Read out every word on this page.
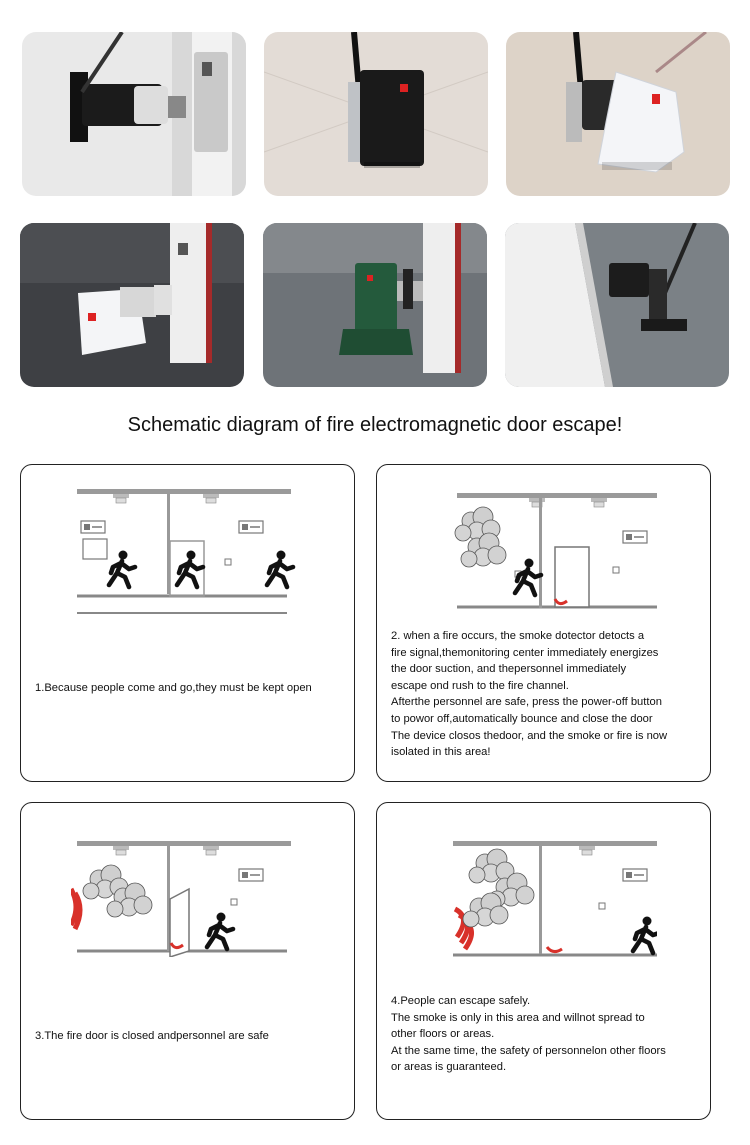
Schematic diagram of fire electromagnetic door escape!
1.Because people come and go,they must be kept open
2. when a fire occurs, the smoke dotector detocts a
fire signal,themonitoring center immediately energizes
the door suction, and thepersonnel immediately
escape ond rush to the fire channel.
Afterthe personnel are safe, press the power-off button
to powor off,automatically bounce and close the door
The device closos thedoor, and the smoke or fire is now
isolated in this area!
3.The fire door is closed andpersonnel are safe
4.People can escape safely.
The smoke is only in this area and willnot spread to
other floors or areas.
At the same time, the safety of personnelon other floors
or areas is guaranteed.
